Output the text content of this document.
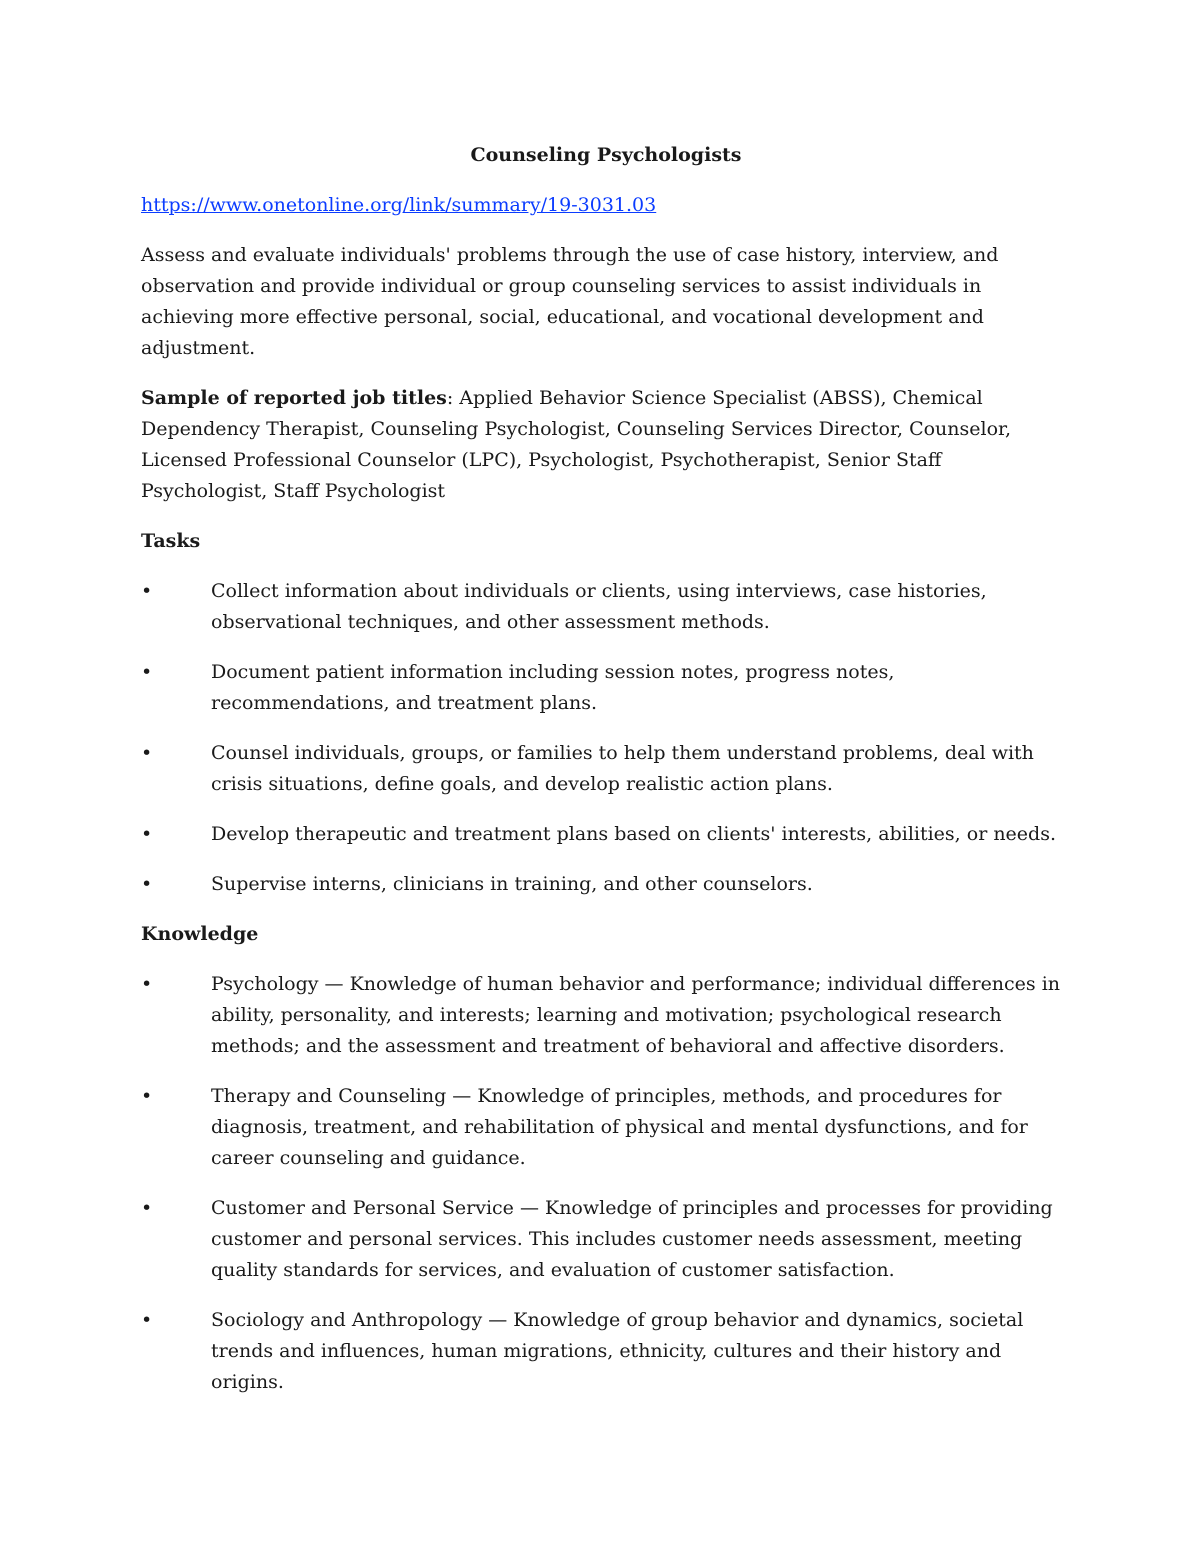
Counseling Psychologists
https://www.onetonline.org/link/summary/19-3031.03

Assess and evaluate individuals' problems through the use of case history, interview, and observation and provide individual or group counseling services to assist individuals in achieving more effective personal, social, educational, and vocational development and adjustment.

Sample of reported job titles: Applied Behavior Science Specialist (ABSS), Chemical Dependency Therapist, Counseling Psychologist, Counseling Services Director, Counselor, Licensed Professional Counselor (LPC), Psychologist, Psychotherapist, Senior Staff Psychologist, Staff Psychologist

Tasks
•	Collect information about individuals or clients, using interviews, case histories, observational techniques, and other assessment methods.
•	Document patient information including session notes, progress notes, recommendations, and treatment plans.
•	Counsel individuals, groups, or families to help them understand problems, deal with crisis situations, define goals, and develop realistic action plans.
•	Develop therapeutic and treatment plans based on clients' interests, abilities, or needs.
•	Supervise interns, clinicians in training, and other counselors.
Knowledge
•	Psychology — Knowledge of human behavior and performance; individual differences in ability, personality, and interests; learning and motivation; psychological research methods; and the assessment and treatment of behavioral and affective disorders.
•	Therapy and Counseling — Knowledge of principles, methods, and procedures for diagnosis, treatment, and rehabilitation of physical and mental dysfunctions, and for career counseling and guidance.
•	Customer and Personal Service — Knowledge of principles and processes for providing customer and personal services. This includes customer needs assessment, meeting quality standards for services, and evaluation of customer satisfaction.
•	Sociology and Anthropology — Knowledge of group behavior and dynamics, societal trends and influences, human migrations, ethnicity, cultures and their history and origins.
